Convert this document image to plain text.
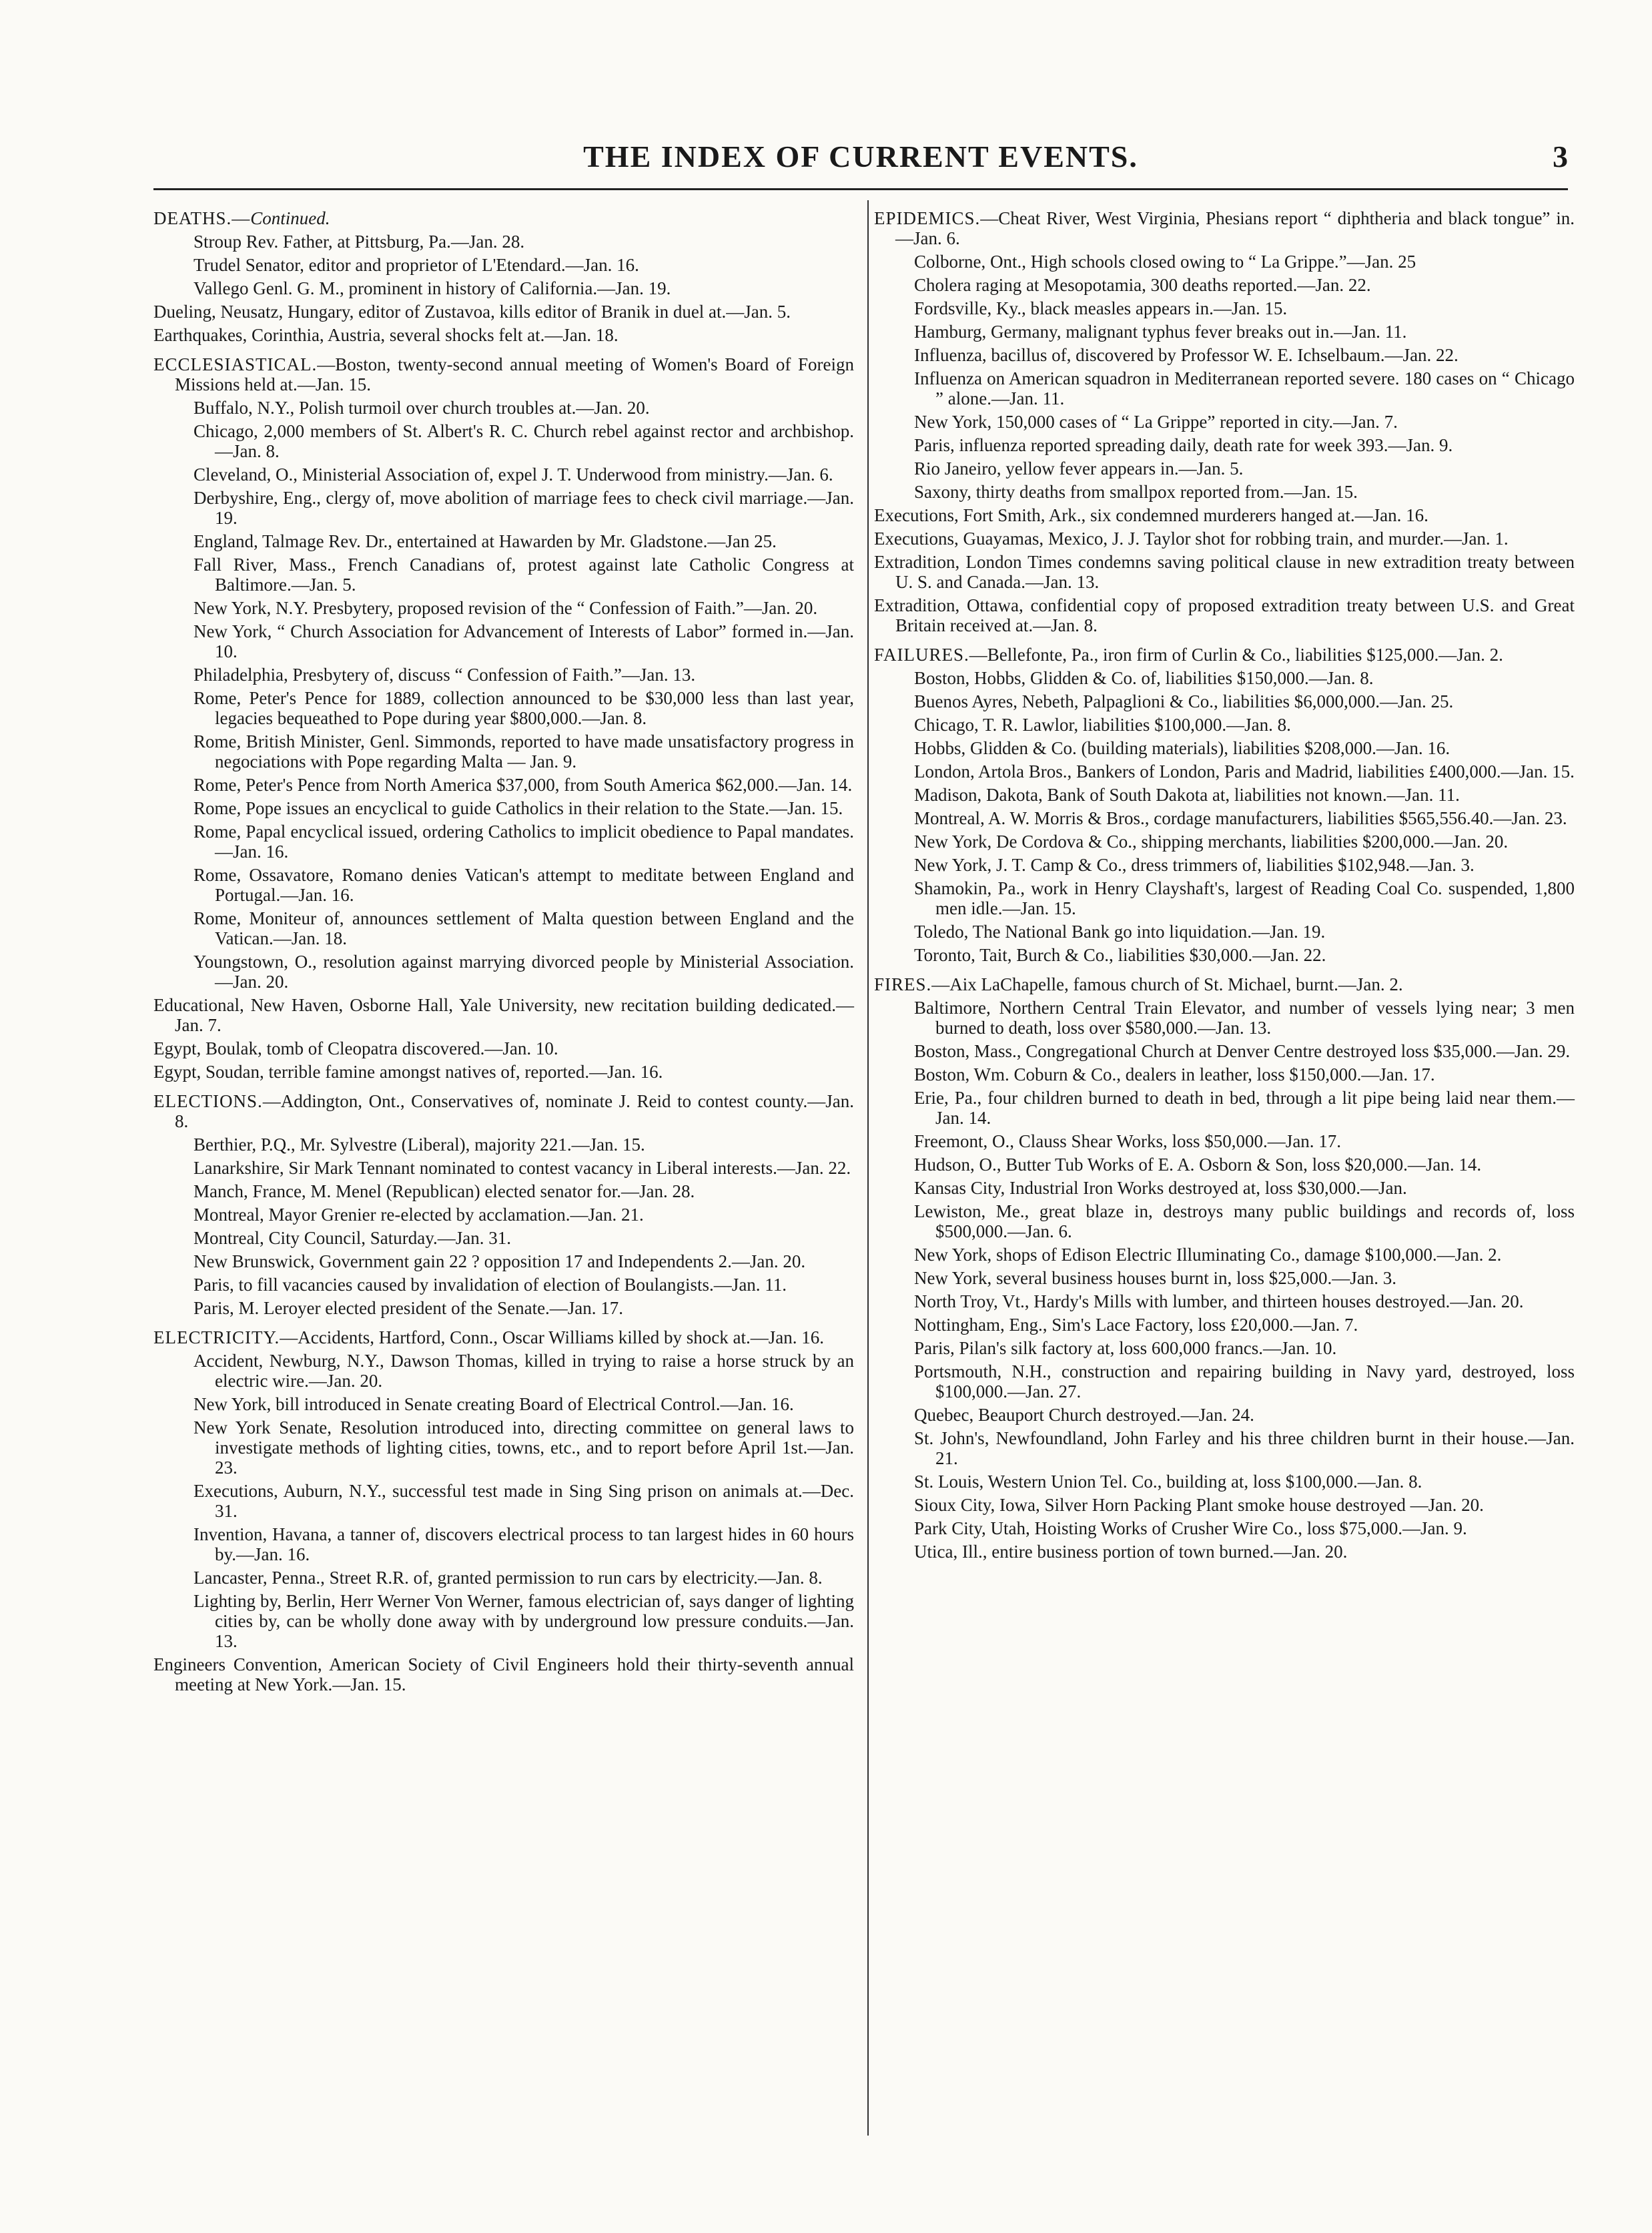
THE INDEX OF CURRENT EVENTS.	3

DEATHS.—Continued.

Stroup Rev. Father, at Pittsburg, Pa.—Jan. 28.

Trudel Senator, editor and proprietor of L'Etendard.—Jan. 16.

Vallego Genl. G. M., prominent in history of California.—Jan. 19.

Dueling, Neusatz, Hungary, editor of Zustavoa, kills editor of Branik in duel at.—Jan. 5.

Earthquakes, Corinthia, Austria, several shocks felt at.—Jan. 18.

ECCLESIASTICAL.—Boston, twenty-second annual meeting of Women's Board of Foreign Missions held at.—Jan. 15.

Buffalo, N.Y., Polish turmoil over church troubles at.—Jan. 20.

Chicago, 2,000 members of St. Albert's R. C. Church rebel against rector and archbishop.—Jan. 8.

Cleveland, O., Ministerial Association of, expel J. T. Underwood from ministry.—Jan. 6.

Derbyshire, Eng., clergy of, move abolition of marriage fees to check civil marriage.—Jan. 19.

England, Talmage Rev. Dr., entertained at Hawarden by Mr. Gladstone.—Jan 25.

Fall River, Mass., French Canadians of, protest against late Catholic Congress at Baltimore.—Jan. 5.

New York, N.Y. Presbytery, proposed revision of the “ Confession of Faith.”—Jan. 20.

New York, “ Church Association for Advancement of Interests of Labor” formed in.—Jan. 10.

Philadelphia, Presbytery of, discuss “ Confession of Faith.”—Jan. 13.

Rome, Peter's Pence for 1889, collection announced to be $30,000 less than last year, legacies bequeathed to Pope during year $800,000.—Jan. 8.

Rome, British Minister, Genl. Simmonds, reported to have made unsatisfactory progress in negociations with Pope regarding Malta — Jan. 9.

Rome, Peter's Pence from North America $37,000, from South America $62,000.—Jan. 14.

Rome, Pope issues an encyclical to guide Catholics in their relation to the State.—Jan. 15.

Rome, Papal encyclical issued, ordering Catholics to implicit obedience to Papal mandates.—Jan. 16.

Rome, Ossavatore, Romano denies Vatican's attempt to meditate between England and Portugal.—Jan. 16.

Rome, Moniteur of, announces settlement of Malta question between England and the Vatican.—Jan. 18.

Youngstown, O., resolution against marrying divorced people by Ministerial Association.—Jan. 20.

Educational, New Haven, Osborne Hall, Yale University, new recitation building dedicated.—Jan. 7.

Egypt, Boulak, tomb of Cleopatra discovered.—Jan. 10.

Egypt, Soudan, terrible famine amongst natives of, reported.—Jan. 16.

ELECTIONS.—Addington, Ont., Conservatives of, nominate J. Reid to contest county.—Jan. 8.

Berthier, P.Q., Mr. Sylvestre (Liberal), majority 221.—Jan. 15.

Lanarkshire, Sir Mark Tennant nominated to contest vacancy in Liberal interests.—Jan. 22.

Manch, France, M. Menel (Republican) elected senator for.—Jan. 28.

Montreal, Mayor Grenier re-elected by acclamation.—Jan. 21.

Montreal, City Council, Saturday.—Jan. 31.

New Brunswick, Government gain 22 ? opposition 17 and Independents 2.—Jan. 20.

Paris, to fill vacancies caused by invalidation of election of Boulangists.—Jan. 11.

Paris, M. Leroyer elected president of the Senate.—Jan. 17.

ELECTRICITY.—Accidents, Hartford, Conn., Oscar Williams killed by shock at.—Jan. 16.

Accident, Newburg, N.Y., Dawson Thomas, killed in trying to raise a horse struck by an electric wire.—Jan. 20.

New York, bill introduced in Senate creating Board of Electrical Control.—Jan. 16.

New York Senate, Resolution introduced into, directing committee on general laws to investigate methods of lighting cities, towns, etc., and to report before April 1st.—Jan. 23.

Executions, Auburn, N.Y., successful test made in Sing Sing prison on animals at.—Dec. 31.

Invention, Havana, a tanner of, discovers electrical process to tan largest hides in 60 hours by.—Jan. 16.

Lancaster, Penna., Street R.R. of, granted permission to run cars by electricity.—Jan. 8.

Lighting by, Berlin, Herr Werner Von Werner, famous electrician of, says danger of lighting cities by, can be wholly done away with by underground low pressure conduits.—Jan. 13.

Engineers Convention, American Society of Civil Engineers hold their thirty-seventh annual meeting at New York.—Jan. 15.

EPIDEMICS.—Cheat River, West Virginia, Phesians report “ diphtheria and black tongue” in.—Jan. 6.

Colborne, Ont., High schools closed owing to “ La Grippe.”—Jan. 25

Cholera raging at Mesopotamia, 300 deaths reported.—Jan. 22.

Fordsville, Ky., black measles appears in.—Jan. 15.

Hamburg, Germany, malignant typhus fever breaks out in.—Jan. 11.

Influenza, bacillus of, discovered by Professor W. E. Ichselbaum.—Jan. 22.

Influenza on American squadron in Mediterranean reported severe. 180 cases on “ Chicago ” alone.—Jan. 11.

New York, 150,000 cases of “ La Grippe” reported in city.—Jan. 7.

Paris, influenza reported spreading daily, death rate for week 393.—Jan. 9.

Rio Janeiro, yellow fever appears in.—Jan. 5.

Saxony, thirty deaths from smallpox reported from.—Jan. 15.

Executions, Fort Smith, Ark., six condemned murderers hanged at.—Jan. 16.

Executions, Guayamas, Mexico, J. J. Taylor shot for robbing train, and murder.—Jan. 1.

Extradition, London Times condemns saving political clause in new extradition treaty between U. S. and Canada.—Jan. 13.

Extradition, Ottawa, confidential copy of proposed extradition treaty between U.S. and Great Britain received at.—Jan. 8.

FAILURES.—Bellefonte, Pa., iron firm of Curlin & Co., liabilities $125,000.—Jan. 2.

Boston, Hobbs, Glidden & Co. of, liabilities $150,000.—Jan. 8.

Buenos Ayres, Nebeth, Palpaglioni & Co., liabilities $6,000,000.—Jan. 25.

Chicago, T. R. Lawlor, liabilities $100,000.—Jan. 8.

Hobbs, Glidden & Co. (building materials), liabilities $208,000.—Jan. 16.

London, Artola Bros., Bankers of London, Paris and Madrid, liabilities £400,000.—Jan. 15.

Madison, Dakota, Bank of South Dakota at, liabilities not known.—Jan. 11.

Montreal, A. W. Morris & Bros., cordage manufacturers, liabilities $565,556.40.—Jan. 23.

New York, De Cordova & Co., shipping merchants, liabilities $200,000.—Jan. 20.

New York, J. T. Camp & Co., dress trimmers of, liabilities $102,948.—Jan. 3.

Shamokin, Pa., work in Henry Clayshaft's, largest of Reading Coal Co. suspended, 1,800 men idle.—Jan. 15.

Toledo, The National Bank go into liquidation.—Jan. 19.

Toronto, Tait, Burch & Co., liabilities $30,000.—Jan. 22.

FIRES.—Aix LaChapelle, famous church of St. Michael, burnt.—Jan. 2.

Baltimore, Northern Central Train Elevator, and number of vessels lying near; 3 men burned to death, loss over $580,000.—Jan. 13.

Boston, Mass., Congregational Church at Denver Centre destroyed loss $35,000.—Jan. 29.

Boston, Wm. Coburn & Co., dealers in leather, loss $150,000.—Jan. 17.

Erie, Pa., four children burned to death in bed, through a lit pipe being laid near them.—Jan. 14.

Freemont, O., Clauss Shear Works, loss $50,000.—Jan. 17.

Hudson, O., Butter Tub Works of E. A. Osborn & Son, loss $20,000.—Jan. 14.

Kansas City, Industrial Iron Works destroyed at, loss $30,000.—Jan.

Lewiston, Me., great blaze in, destroys many public buildings and records of, loss $500,000.—Jan. 6.

New York, shops of Edison Electric Illuminating Co., damage $100,000.—Jan. 2.

New York, several business houses burnt in, loss $25,000.—Jan. 3.

North Troy, Vt., Hardy's Mills with lumber, and thirteen houses destroyed.—Jan. 20.

Nottingham, Eng., Sim's Lace Factory, loss £20,000.—Jan. 7.

Paris, Pilan's silk factory at, loss 600,000 francs.—Jan. 10.

Portsmouth, N.H., construction and repairing building in Navy yard, destroyed, loss $100,000.—Jan. 27.

Quebec, Beauport Church destroyed.—Jan. 24.

St. John's, Newfoundland, John Farley and his three children burnt in their house.—Jan. 21.

St. Louis, Western Union Tel. Co., building at, loss $100,000.—Jan. 8.

Sioux City, Iowa, Silver Horn Packing Plant smoke house destroyed —Jan. 20.

Park City, Utah, Hoisting Works of Crusher Wire Co., loss $75,000.—Jan. 9.

Utica, Ill., entire business portion of town burned.—Jan. 20.
